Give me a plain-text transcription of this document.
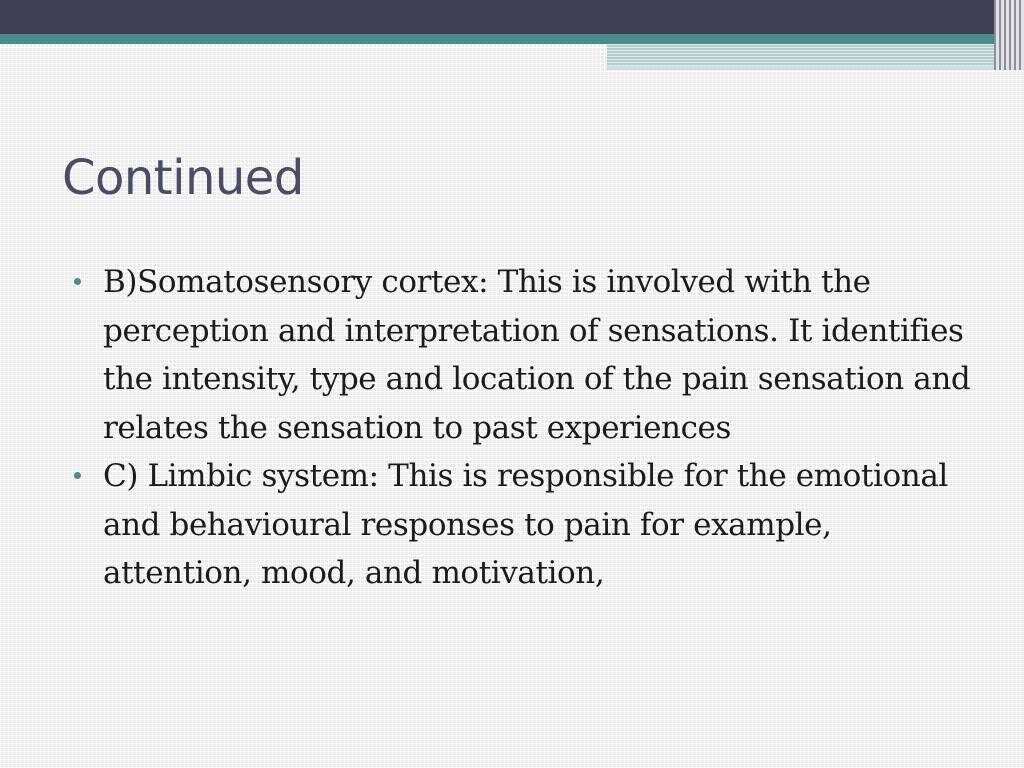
Continued
B)Somatosensory cortex: This is involved with the perception and interpretation of sensations. It identifies the intensity, type and location of the pain sensation and relates the sensation to past experiences
C) Limbic system: This is responsible for the emotional and behavioural responses to pain for example, attention, mood, and motivation,
